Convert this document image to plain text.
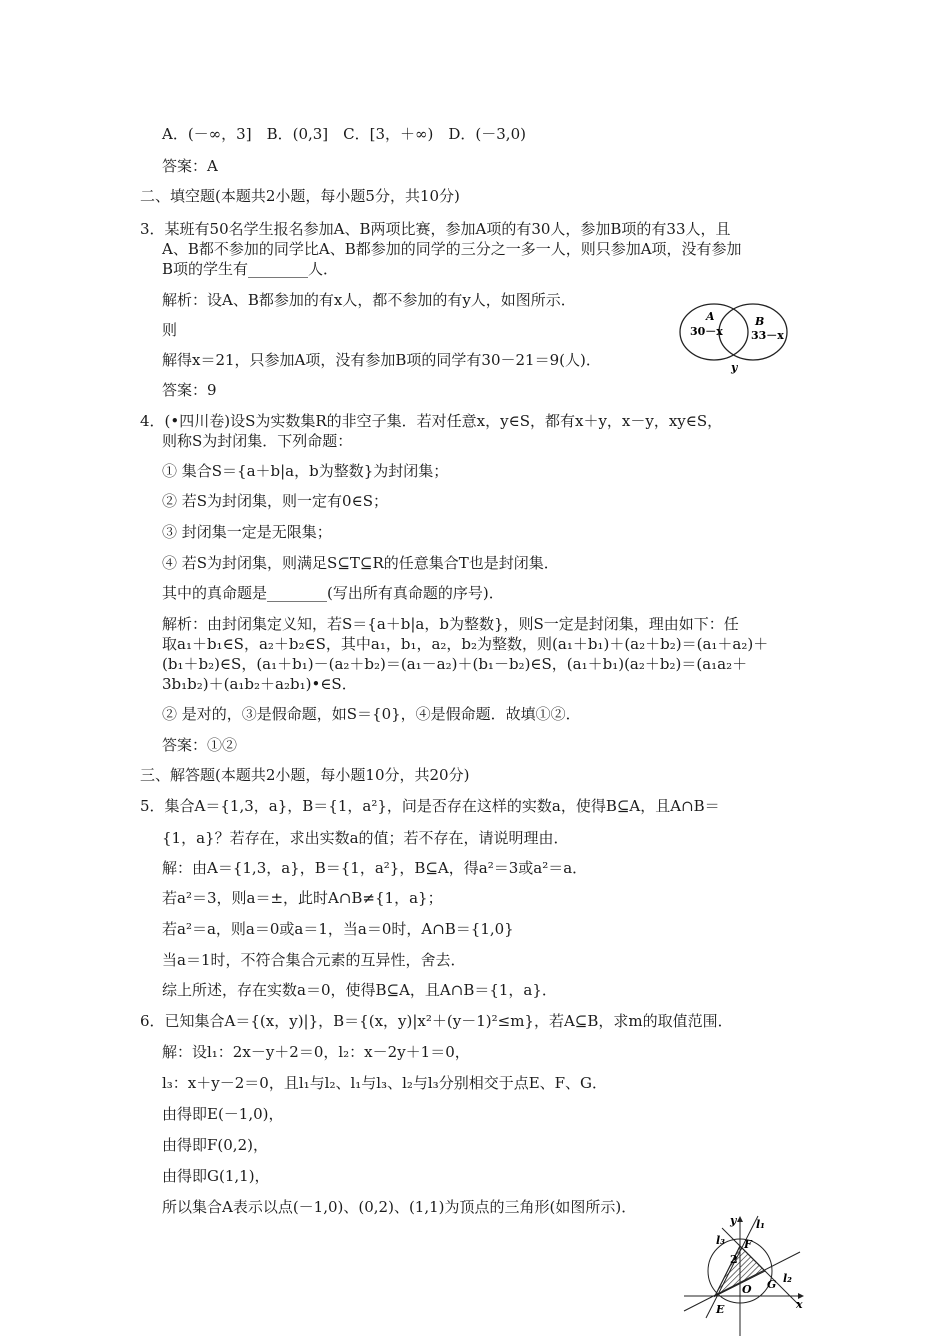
A．(－∞，3]　B．(0,3]　C．[3，＋∞)　D．(－3,0)
答案：A
二、填空题(本题共2小题，每小题5分，共10分)
3．某班有50名学生报名参加A、B两项比赛，参加A项的有30人，参加B项的有33人，且
A、B都不参加的同学比A、B都参加的同学的三分之一多一人，则只参加A项，没有参加
B项的学生有________人．
解析：设A、B都参加的有x人，都不参加的有y人，如图所示．
则
解得x＝21，只参加A项，没有参加B项的同学有30－21＝9(人)．
答案：9
A
30－x
B
33－x
y
4．(•四川卷)设S为实数集R的非空子集．若对任意x，y∈S，都有x＋y，x－y，xy∈S，
则称S为封闭集．下列命题：
① 集合S＝{a＋b|a，b为整数}为封闭集；
② 若S为封闭集，则一定有0∈S；
③ 封闭集一定是无限集；
④ 若S为封闭集，则满足S⊆T⊆R的任意集合T也是封闭集．
其中的真命题是________(写出所有真命题的序号)．
解析：由封闭集定义知，若S＝{a＋b|a，b为整数}，则S一定是封闭集，理由如下：任
取a₁＋b₁∈S，a₂＋b₂∈S，其中a₁，b₁，a₂，b₂为整数，则(a₁＋b₁)＋(a₂＋b₂)＝(a₁＋a₂)＋
(b₁＋b₂)∈S，(a₁＋b₁)－(a₂＋b₂)＝(a₁－a₂)＋(b₁－b₂)∈S，(a₁＋b₁)(a₂＋b₂)＝(a₁a₂＋
3b₁b₂)＋(a₁b₂＋a₂b₁)•∈S．
② 是对的，③是假命题，如S＝{0}，④是假命题．故填①②．
答案：①②
三、解答题(本题共2小题，每小题10分，共20分)
5．集合A＝{1,3，a}，B＝{1，a²}，问是否存在这样的实数a，使得B⊆A，且A∩B＝
{1，a}？若存在，求出实数a的值；若不存在，请说明理由．
解：由A＝{1,3，a}，B＝{1，a²}，B⊆A，得a²＝3或a²＝a．
若a²＝3，则a＝±，此时A∩B≠{1，a}；
若a²＝a，则a＝0或a＝1，当a＝0时，A∩B＝{1,0}
当a＝1时，不符合集合元素的互异性，舍去．
综上所述，存在实数a＝0，使得B⊆A，且A∩B＝{1，a}．
6．已知集合A＝{(x，y)|}，B＝{(x，y)|x²＋(y－1)²≤m}，若A⊆B，求m的取值范围．
解：设l₁：2x－y＋2＝0，l₂：x－2y＋1＝0，
l₃：x＋y－2＝0，且l₁与l₂、l₁与l₃、l₂与l₃分别相交于点E、F、G．
由得即E(－1,0)，
由得即F(0,2)，
由得即G(1,1)，
所以集合A表示以点(－1,0)、(0,2)、(1,1)为顶点的三角形(如图所示)．
y l₁
l₃ F
2
l₂
G
O
x
E
